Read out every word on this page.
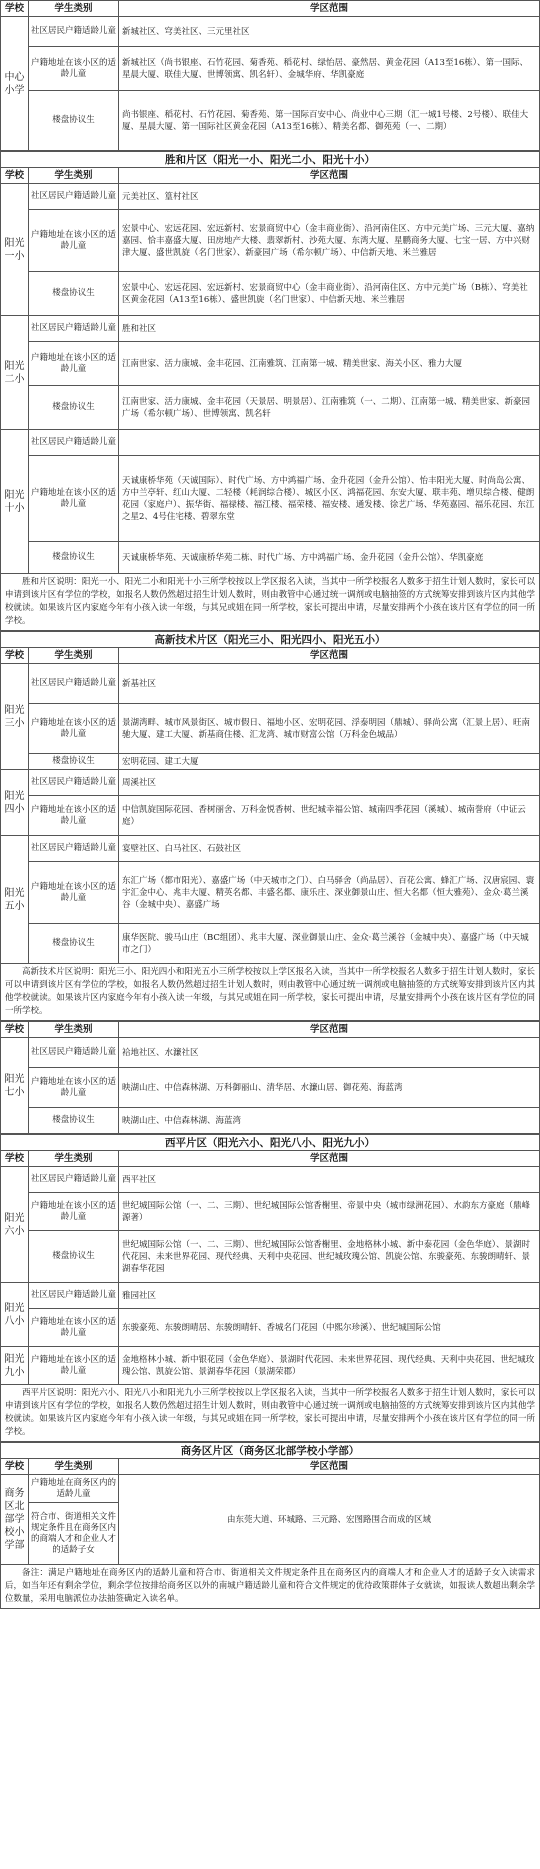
学校	学生类别	学区范围
中心小学	社区居民户籍适龄儿童	新城社区、穹美社区、三元里社区
	户籍地址在该小区的适龄儿童	新城社区（尚书银座、石竹花园、菊香苑、稻花村、绿怡居、豪然居、黄金花园（A13至16栋）、第一国际、星晨大厦、联佳大厦、世博领寓、凯名轩）、金城华府、华凯豪庭
	楼盘协议生	尚书银座、稻花村、石竹花园、菊香苑、第一国际百安中心、尚业中心三期（汇一城1号楼、2号楼）、联佳大厦、星晨大厦、第一国际社区黄金花园（A13至16栋）、精美名都、御苑苑（一、二期）
胜和片区（阳光一小、阳光二小、阳光十小）
学校	学生类别	学区范围
阳光一小	社区居民户籍适龄儿童	元美社区、篁村社区
	户籍地址在该小区的适龄儿童	宏景中心、宏远花园、宏远新村、宏景商贸中心（金丰商业街）、沿河南住区、方中元美广场、三元大厦、嘉纳嘉园、恰丰嘉盛大厦、田房地产大楼、翡翠新村、沙苑大厦、东湾大厦、星鹏商务大厦、七宝一居、方中兴财津大厦、盛世凯旋（名门世家）、新豪园广场（希尔顿广场）、中信新天地、米兰雅居
	楼盘协议生	宏景中心、宏远花园、宏远新村、宏景商贸中心（金丰商业街）、沿河南住区、方中元美广场（B栋）、穹美社区黄金花园（A13至16栋）、盛世凯旋（名门世家）、中信新天地、米兰雅居
阳光二小	社区居民户籍适龄儿童	胜和社区
	户籍地址在该小区的适龄儿童	江南世家、活力康城、金丰花园、江南雅筑、江南第一城、精美世家、海关小区、雅力大厦
	楼盘协议生	江南世家、活力康城、金丰花园（天景居、明景居）、江南雅筑（一、二期）、江南第一城、精美世家、新豪园广场（希尔顿广场）、世博领寓、凯名轩
阳光十小	社区居民户籍适龄儿童	
	户籍地址在该小区的适龄儿童	天诚康桥华苑（天诚国际）、时代广场、方中鸿福广场、金升花园（金升公馆）、怡丰阳光大厦、时尚岛公寓、方中兰亭轩、红山大厦、二轻楼（耗润综合楼）、城区小区、鸿福花园、东安大厦、联丰苑、增贝综合楼、健朗花园（家庭户）、振华街、福禄楼、福江楼、福荣楼、福安楼、通发楼、徐艺广场、华苑嘉园、福乐花园、东江之星2、4号住宅楼、碧翠东堂
	楼盘协议生	天诚康桥华苑、天诚康桥华苑二栋、时代广场、方中鸿福广场、金升花园（金升公馆）、华凯豪庭
胜和片区说明：阳光一小、阳光二小和阳光十小三所学校按以上学区报名入读，当其中一所学校报名人数多于招生计划人数时，家长可以申请到该片区有学位的学校，如报名人数仍然超过招生计划人数时，则由教管中心通过统一调剂或电脑抽签的方式统筹安排到该片区内其他学校就读。如果该片区内家庭今年有小孩入读一年级，与其兄或姐在同一所学校，家长可提出申请，尽量安排两个小孩在该片区有学位的同一所学校。
高新技术片区（阳光三小、阳光四小、阳光五小）
学校	学生类别	学区范围
阳光三小	社区居民户籍适龄儿童	新基社区
	户籍地址在该小区的适龄儿童	景湖湾畔、城市风景街区、城市假日、福地小区、宏明花园、浮泰明园（鼎城）、驿尚公寓（汇景上居）、旺南驰大厦、建工大厦、新基商住楼、汇龙湾、城市财富公馆（万科金色城品）
	楼盘协议生	宏明花园、建工大厦
阳光四小	社区居民户籍适龄儿童	周溪社区
	户籍地址在该小区的适龄儿童	中信凯旋国际花园、香树丽舍、万科金悦香树、世纪城幸福公馆、城南四季花园（溪城）、城南誉府（中证云庭）
阳光五小	社区居民户籍适龄儿童	宴壁社区、白马社区、石鼓社区
	户籍地址在该小区的适龄儿童	东汇广场（都市阳光）、嘉盛广场（中天城市之门）、白马驿舍（尚品居）、百花公寓、蜂汇广场、汉唐宸园、寰宇汇金中心、兆丰大厦、精英名都、丰盛名都、康乐庄、深业御景山庄、恒大名都（恒大雅苑）、金众·葛兰溪谷（金城中央）、嘉盛广场
	楼盘协议生	康华医院、骏马山庄（BC组团）、兆丰大厦、深业御景山庄、金众·葛兰溪谷（金城中央）、嘉盛广场（中天城市之门）
高新技术片区说明：阳光三小、阳光四小和阳光五小三所学校按以上学区报名入读，当其中一所学校报名人数多于招生计划人数时，家长可以申请到该片区有学位的学校，如报名人数仍然超过招生计划人数时，则由教管中心通过统一调剂或电脑抽签的方式统筹安排到该片区内其他学校就读。如果该片区内家庭今年有小孩入读一年级，与其兄或姐在同一所学校，家长可提出申请，尽量安排两个小孩在该片区有学位的同一所学校。
学校	学生类别	学区范围
阳光七小	社区居民户籍适龄儿童	袷地社区、水濂社区
	户籍地址在该小区的适龄儿童	映湖山庄、中信森林湖、万科御丽山、清华居、水濂山居、御花苑、海蓝湾
	楼盘协议生	映湖山庄、中信森林湖、海蓝湾
西平片区（阳光六小、阳光八小、阳光九小）
学校	学生类别	学区范围
阳光六小	社区居民户籍适龄儿童	西平社区
	户籍地址在该小区的适龄儿童	世纪城国际公馆（一、二、三期）、世纪城国际公馆香榭里、帝景中央（城市绿洲花园）、水韵东方豪庭（鼎峰源著）
	楼盘协议生	世纪城国际公馆（一、二、三期）、世纪城国际公馆香榭里、金地格林小城、新中泰花园（金色华庭）、景湖时代花园、未来世界花园、现代经典、天利中央花园、世纪城玫瑰公馆、凯旋公馆、东骏豪苑、东骏朗晴轩、景湖春华花园
阳光八小	社区居民户籍适龄儿童	雅园社区
	户籍地址在该小区的适龄儿童	东骏豪苑、东骏朗晴居、东骏朗晴轩、香城名门花园（中熙尔珍溪）、世纪城国际公馆
阳光九小	户籍地址在该小区的适龄儿童	金地格林小城、新中银花园（金色华庭）、景湖时代花园、未来世界花园、现代经典、天利中央花园、世纪城玫瑰公馆、凯旋公馆、景湖春华花园（景湖荣郡）
西平片区说明：阳光六小、阳光八小和阳光九小三所学校按以上学区报名入读，当其中一所学校报名人数多于招生计划人数时，家长可以申请到该片区有学位的学校，如报名人数仍然超过招生计划人数时，则由教管中心通过统一调剂或电脑抽签的方式统筹安排到该片区内其他学校就读。如果该片区内家庭今年有小孩入读一年级，与其兄或姐在同一所学校，家长可提出申请，尽量安排两个小孩在该片区有学位的同一所学校。
商务区片区（商务区北部学校小学部）
学校	学生类别	学区范围
商务区北部学校小学部	户籍地址在商务区内的适龄儿童	由东莞大道、环城路、三元路、宏图路围合而成的区域
	符合市、街道相关文件规定条件且在商务区内的商端人才和企业人才的适龄子女	
备注：满足户籍地址在商务区内的适龄儿童和符合市、街道相关文件规定条件且在商务区内的商端人才和企业人才的适龄子女入读需求后，如当年还有剩余学位，剩余学位按排给商务区以外的南城户籍适龄儿童和符合文件规定的优待政策群体子女就读，如报读人数超出剩余学位数量，采用电脑派位办法抽签确定入读名单。
